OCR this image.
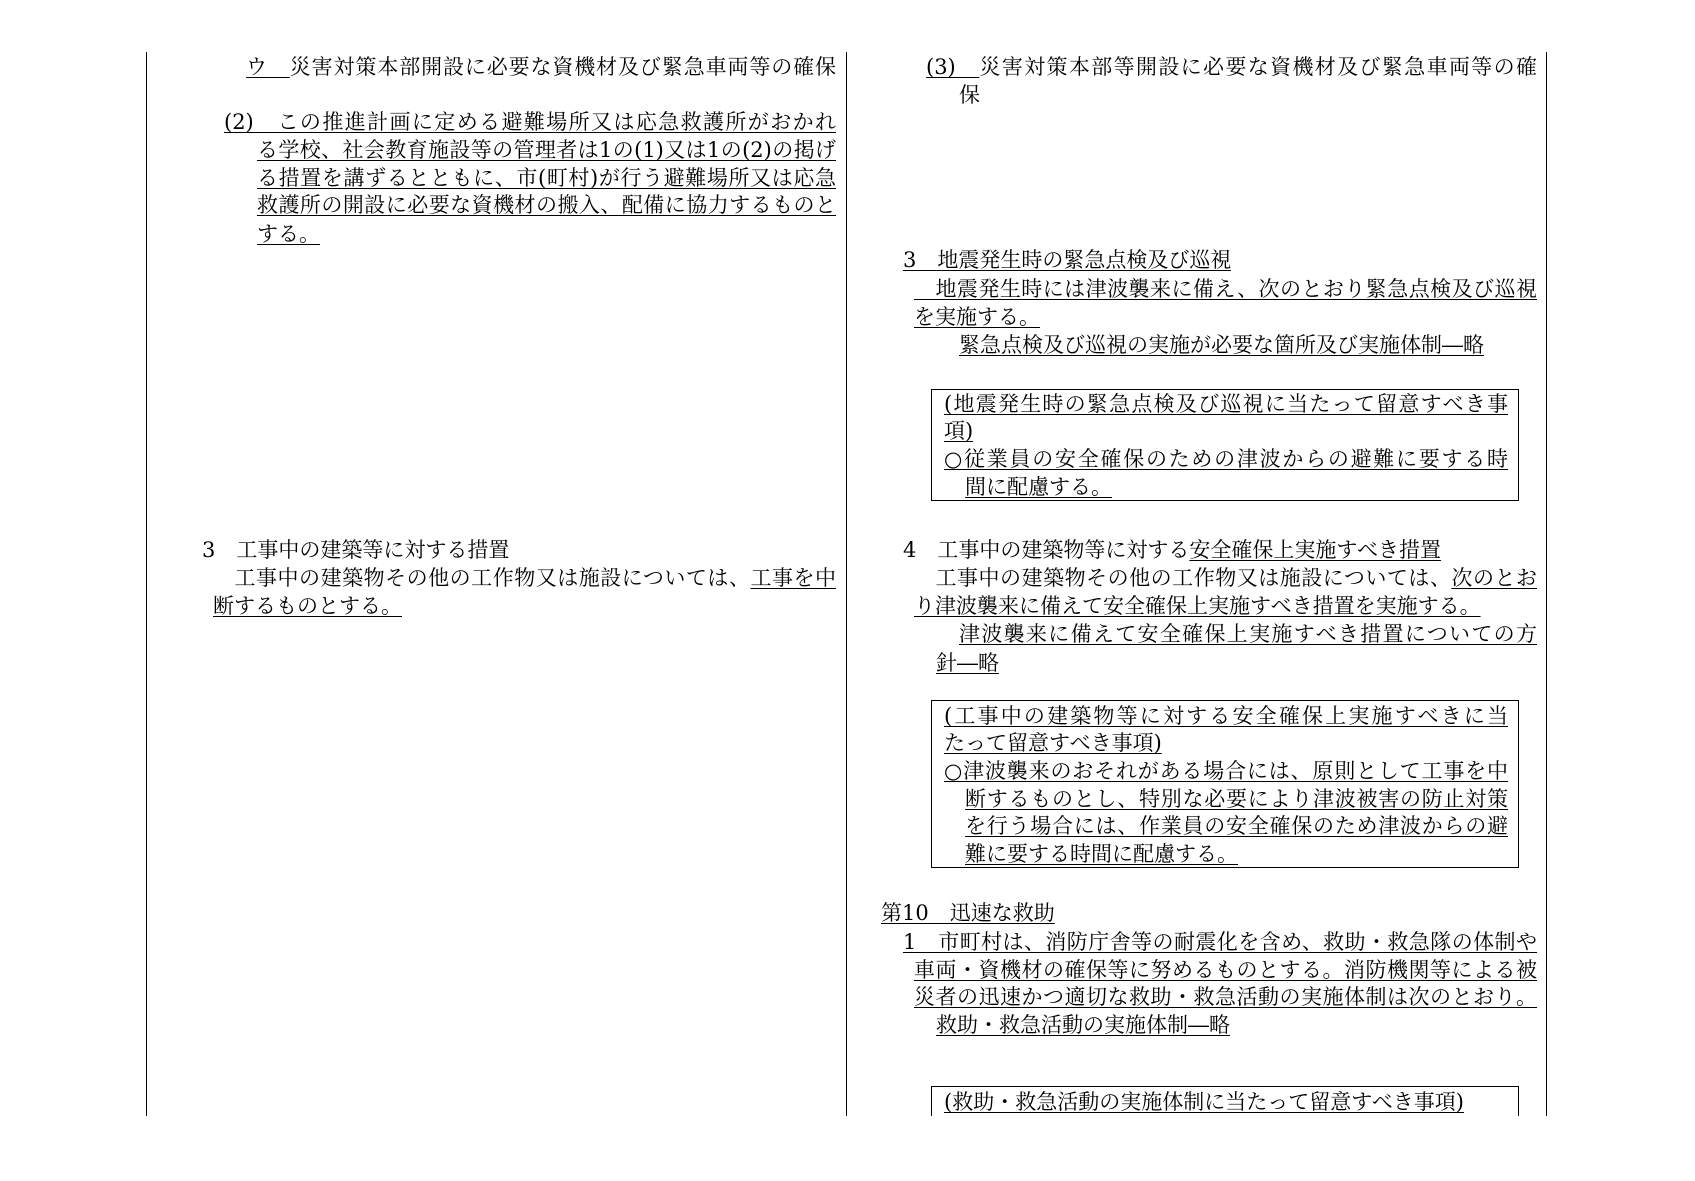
ウ　災害対策本部開設に必要な資機材及び緊急車両等の確保
(2)　この推進計画に定める避難場所又は応急救護所がおかれ
る学校、社会教育施設等の管理者は1の(1)又は1の(2)の掲げ
る措置を講ずるとともに、市(町村)が行う避難場所又は応急
救護所の開設に必要な資機材の搬入、配備に協力するものと
する。
3　工事中の建築等に対する措置
　工事中の建築物その他の工作物又は施設については、工事を中
断するものとする。
(3)　災害対策本部等開設に必要な資機材及び緊急車両等の確
保
3　地震発生時の緊急点検及び巡視
　地震発生時には津波襲来に備え、次のとおり緊急点検及び巡視
を実施する。
緊急点検及び巡視の実施が必要な箇所及び実施体制―略
(地震発生時の緊急点検及び巡視に当たって留意すべき事
項)
○従業員の安全確保のための津波からの避難に要する時
間に配慮する。
4　工事中の建築物等に対する安全確保上実施すべき措置
　工事中の建築物その他の工作物又は施設については、次のとお
り津波襲来に備えて安全確保上実施すべき措置を実施する。
津波襲来に備えて安全確保上実施すべき措置についての方
針―略
(工事中の建築物等に対する安全確保上実施すべきに当
たって留意すべき事項)
○津波襲来のおそれがある場合には、原則として工事を中
断するものとし、特別な必要により津波被害の防止対策
を行う場合には、作業員の安全確保のため津波からの避
難に要する時間に配慮する。
第10　迅速な救助
1　市町村は、消防庁舎等の耐震化を含め、救助・救急隊の体制や
車両・資機材の確保等に努めるものとする。消防機関等による被
災者の迅速かつ適切な救助・救急活動の実施体制は次のとおり。
救助・救急活動の実施体制―略
(救助・救急活動の実施体制に当たって留意すべき事項)
